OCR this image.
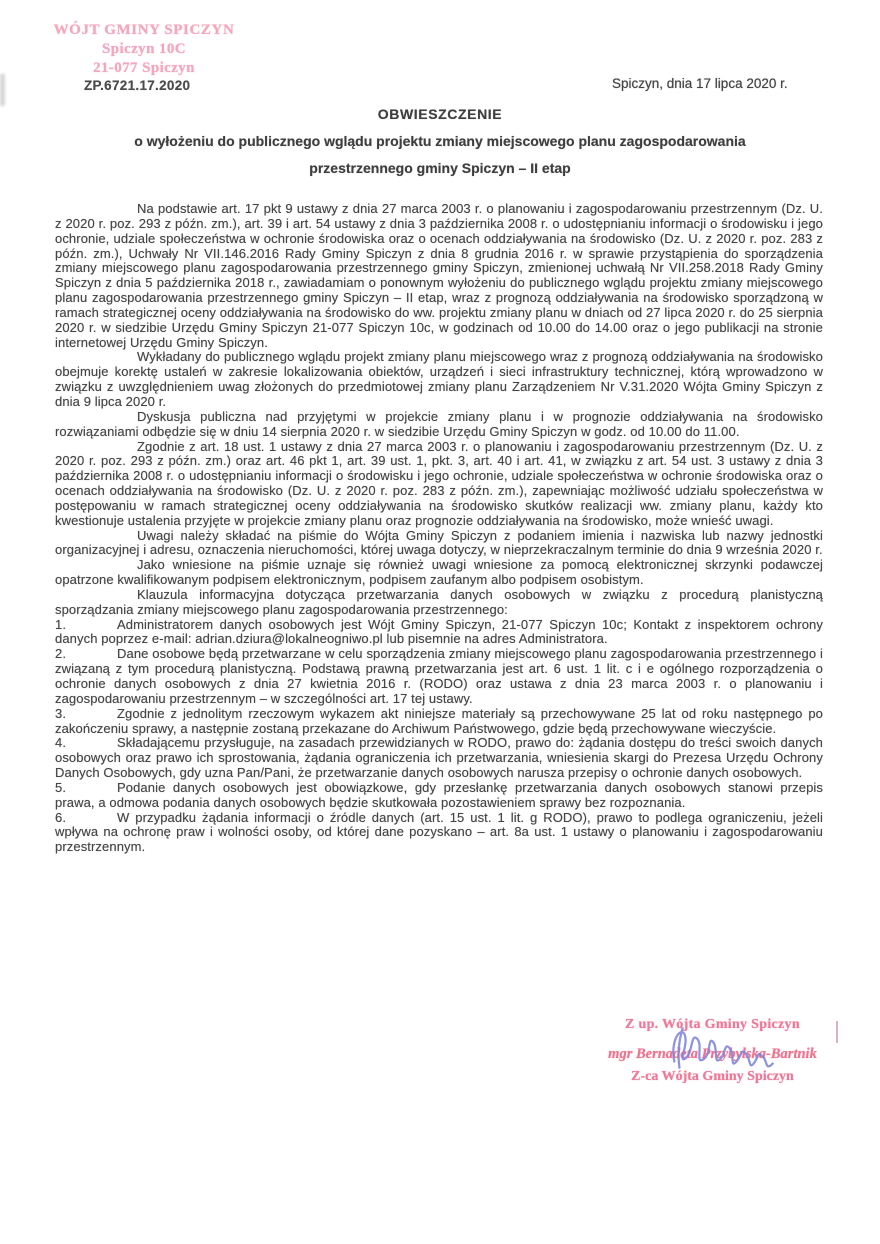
WÓJT GMINY SPICZYN
Spiczyn 10C
21-077 Spiczyn
ZP.6721.17.2020	Spiczyn, dnia 17 lipca 2020 r.
OBWIESZCZENIE
o wyłożeniu do publicznego wglądu projektu zmiany miejscowego planu zagospodarowania
przestrzennego gminy Spiczyn – II etap

Na podstawie art. 17 pkt 9 ustawy z dnia 27 marca 2003 r. o planowaniu i zagospodarowaniu przestrzennym (Dz. U. z 2020 r. poz. 293 z późn. zm.), art. 39 i art. 54 ustawy z dnia 3 października 2008 r. o udostępnianiu informacji o środowisku i jego ochronie, udziale społeczeństwa w ochronie środowiska oraz o ocenach oddziaływania na środowisko (Dz. U. z 2020 r. poz. 283 z późn. zm.), Uchwały Nr VII.146.2016 Rady Gminy Spiczyn z dnia 8 grudnia 2016 r. w sprawie przystąpienia do sporządzenia zmiany miejscowego planu zagospodarowania przestrzennego gminy Spiczyn, zmienionej uchwałą Nr VII.258.2018 Rady Gminy Spiczyn z dnia 5 października 2018 r., zawiadamiam o ponownym wyłożeniu do publicznego wglądu projektu zmiany miejscowego planu zagospodarowania przestrzennego gminy Spiczyn – II etap, wraz z prognozą oddziaływania na środowisko sporządzoną w ramach strategicznej oceny oddziaływania na środowisko do ww. projektu zmiany planu w dniach od 27 lipca 2020 r. do 25 sierpnia 2020 r. w siedzibie Urzędu Gminy Spiczyn 21-077 Spiczyn 10c, w godzinach od 10.00 do 14.00 oraz o jego publikacji na stronie internetowej Urzędu Gminy Spiczyn.

Wykładany do publicznego wglądu projekt zmiany planu miejscowego wraz z prognozą oddziaływania na środowisko obejmuje korektę ustaleń w zakresie lokalizowania obiektów, urządzeń i sieci infrastruktury technicznej, którą wprowadzono w związku z uwzględnieniem uwag złożonych do przedmiotowej zmiany planu Zarządzeniem Nr V.31.2020 Wójta Gminy Spiczyn z dnia 9 lipca 2020 r.

Dyskusja publiczna nad przyjętymi w projekcie zmiany planu i w prognozie oddziaływania na środowisko rozwiązaniami odbędzie się w dniu 14 sierpnia 2020 r. w siedzibie Urzędu Gminy Spiczyn w godz. od 10.00 do 11.00.

Zgodnie z art. 18 ust. 1 ustawy z dnia 27 marca 2003 r. o planowaniu i zagospodarowaniu przestrzennym (Dz. U. z 2020 r. poz. 293 z późn. zm.) oraz art. 46 pkt 1, art. 39 ust. 1, pkt. 3, art. 40 i art. 41, w związku z art. 54 ust. 3 ustawy z dnia 3 października 2008 r. o udostępnianiu informacji o środowisku i jego ochronie, udziale społeczeństwa w ochronie środowiska oraz o ocenach oddziaływania na środowisko (Dz. U. z 2020 r. poz. 283 z późn. zm.), zapewniając możliwość udziału społeczeństwa w postępowaniu w ramach strategicznej oceny oddziaływania na środowisko skutków realizacji ww. zmiany planu, każdy kto kwestionuje ustalenia przyjęte w projekcie zmiany planu oraz prognozie oddziaływania na środowisko, może wnieść uwagi.

Uwagi należy składać na piśmie do Wójta Gminy Spiczyn z podaniem imienia i nazwiska lub nazwy jednostki organizacyjnej i adresu, oznaczenia nieruchomości, której uwaga dotyczy, w nieprzekraczalnym terminie do dnia 9 września 2020 r.

Jako wniesione na piśmie uznaje się również uwagi wniesione za pomocą elektronicznej skrzynki podawczej opatrzone kwalifikowanym podpisem elektronicznym, podpisem zaufanym albo podpisem osobistym.

Klauzula informacyjna dotycząca przetwarzania danych osobowych w związku z procedurą planistyczną sporządzania zmiany miejscowego planu zagospodarowania przestrzennego:

1.	Administratorem danych osobowych jest Wójt Gminy Spiczyn, 21-077 Spiczyn 10c; Kontakt z inspektorem ochrony danych poprzez e-mail: adrian.dziura@lokalneogniwo.pl lub pisemnie na adres Administratora.

2.	Dane osobowe będą przetwarzane w celu sporządzenia zmiany miejscowego planu zagospodarowania przestrzennego i związaną z tym procedurą planistyczną. Podstawą prawną przetwarzania jest art. 6 ust. 1 lit. c i e ogólnego rozporządzenia o ochronie danych osobowych z dnia 27 kwietnia 2016 r. (RODO) oraz ustawa z dnia 23 marca 2003 r. o planowaniu i zagospodarowaniu przestrzennym – w szczególności art. 17 tej ustawy.

3.	Zgodnie z jednolitym rzeczowym wykazem akt niniejsze materiały są przechowywane 25 lat od roku następnego po zakończeniu sprawy, a następnie zostaną przekazane do Archiwum Państwowego, gdzie będą przechowywane wieczyście.

4.	Składającemu przysługuje, na zasadach przewidzianych w RODO, prawo do: żądania dostępu do treści swoich danych osobowych oraz prawo ich sprostowania, żądania ograniczenia ich przetwarzania, wniesienia skargi do Prezesa Urzędu Ochrony Danych Osobowych, gdy uzna Pan/Pani, że przetwarzanie danych osobowych narusza przepisy o ochronie danych osobowych.

5.	Podanie danych osobowych jest obowiązkowe, gdy przesłankę przetwarzania danych osobowych stanowi przepis prawa, a odmowa podania danych osobowych będzie skutkowała pozostawieniem sprawy bez rozpoznania.

6.	W przypadku żądania informacji o źródle danych (art. 15 ust. 1 lit. g RODO), prawo to podlega ograniczeniu, jeżeli wpływa na ochronę praw i wolności osoby, od której dane pozyskano – art. 8a ust. 1 ustawy o planowaniu i zagospodarowaniu przestrzennym.

Z up. Wójta Gminy Spiczyn
mgr Bernadeta Przybylska-Bartnik
Z-ca Wójta Gminy Spiczyn
